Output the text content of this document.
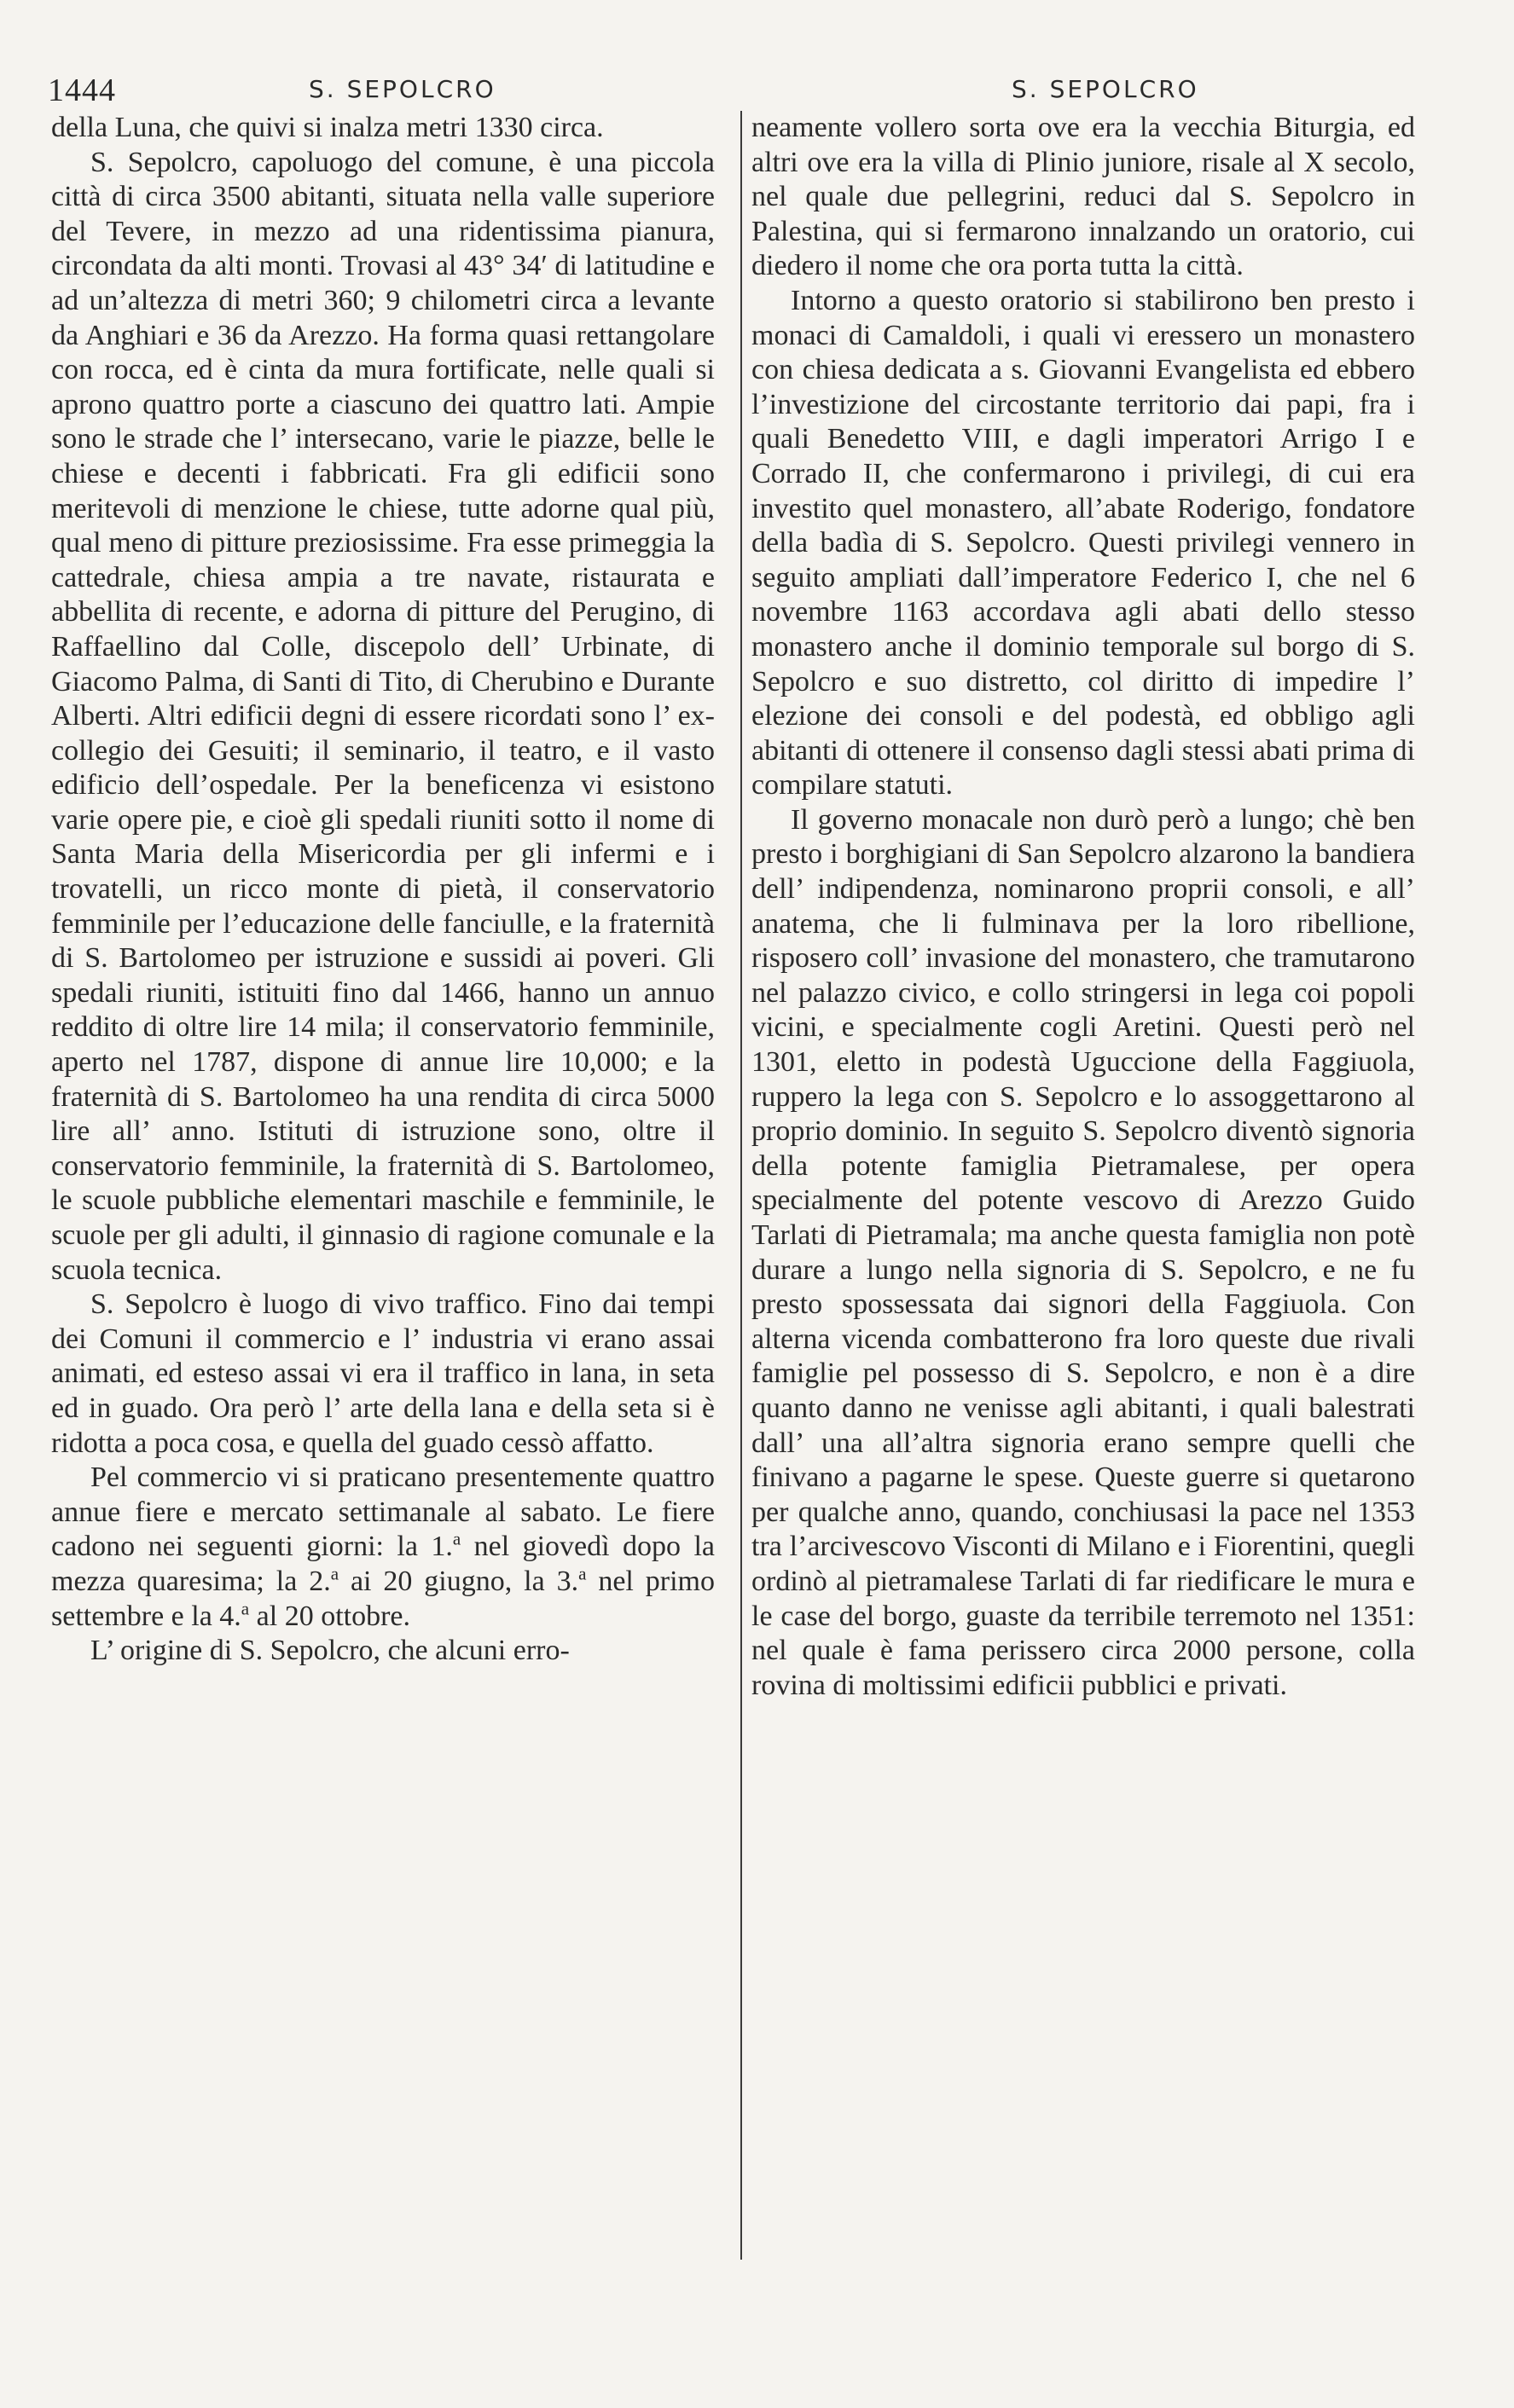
1444	S. SEPOLCRO	S. SEPOLCRO

della Luna, che quivi si inalza metri 1330 circa.

S. Sepolcro, capoluogo del comune, è una piccola città di circa 3500 abitanti, situata nella valle superiore del Tevere, in mezzo ad una ridentissima pianura, circondata da alti monti. Trovasi al 43° 34′ di latitudine e ad un’altezza di metri 360; 9 chilometri circa a levante da Anghiari e 36 da Arezzo. Ha forma quasi rettangolare con rocca, ed è cinta da mura fortificate, nelle quali si aprono quattro porte a ciascuno dei quattro lati. Ampie sono le strade che l’ intersecano, varie le piazze, belle le chiese e decenti i fabbricati. Fra gli edificii sono meritevoli di menzione le chiese, tutte adorne qual più, qual meno di pitture preziosissime. Fra esse primeggia la cattedrale, chiesa ampia a tre navate, ristaurata e abbellita di recente, e adorna di pitture del Perugino, di Raffaellino dal Colle, discepolo dell’ Urbinate, di Giacomo Palma, di Santi di Tito, di Cherubino e Durante Alberti. Altri edificii degni di essere ricordati sono l’ ex-collegio dei Gesuiti; il seminario, il teatro, e il vasto edificio dell’ospedale. Per la beneficenza vi esistono varie opere pie, e cioè gli spedali riuniti sotto il nome di Santa Maria della Misericordia per gli infermi e i trovatelli, un ricco monte di pietà, il conservatorio femminile per l’educazione delle fanciulle, e la fraternità di S. Bartolomeo per istruzione e sussidi ai poveri. Gli spedali riuniti, istituiti fino dal 1466, hanno un annuo reddito di oltre lire 14 mila; il conservatorio femminile, aperto nel 1787, dispone di annue lire 10,000; e la fraternità di S. Bartolomeo ha una rendita di circa 5000 lire all’ anno. Istituti di istruzione sono, oltre il conservatorio femminile, la fraternità di S. Bartolomeo, le scuole pubbliche elementari maschile e femminile, le scuole per gli adulti, il ginnasio di ragione comunale e la scuola tecnica.

S. Sepolcro è luogo di vivo traffico. Fino dai tempi dei Comuni il commercio e l’ industria vi erano assai animati, ed esteso assai vi era il traffico in lana, in seta ed in guado. Ora però l’ arte della lana e della seta si è ridotta a poca cosa, e quella del guado cessò affatto.

Pel commercio vi si praticano presentemente quattro annue fiere e mercato settimanale al sabato. Le fiere cadono nei seguenti giorni: la 1.$^a$ nel giovedì dopo la mezza quaresima; la 2.$^a$ ai 20 giugno, la 3.$^a$ nel primo settembre e la 4.$^a$ al 20 ottobre.

L’ origine di S. Sepolcro, che alcuni erro-

neamente vollero sorta ove era la vecchia Biturgia, ed altri ove era la villa di Plinio juniore, risale al X secolo, nel quale due pellegrini, reduci dal S. Sepolcro in Palestina, qui si fermarono innalzando un oratorio, cui diedero il nome che ora porta tutta la città.

Intorno a questo oratorio si stabilirono ben presto i monaci di Camaldoli, i quali vi eressero un monastero con chiesa dedicata a s. Giovanni Evangelista ed ebbero l’investizione del circostante territorio dai papi, fra i quali Benedetto VIII, e dagli imperatori Arrigo I e Corrado II, che confermarono i privilegi, di cui era investito quel monastero, all’abate Roderigo, fondatore della badìa di S. Sepolcro. Questi privilegi vennero in seguito ampliati dall’imperatore Federico I, che nel 6 novembre 1163 accordava agli abati dello stesso monastero anche il dominio temporale sul borgo di S. Sepolcro e suo distretto, col diritto di impedire l’ elezione dei consoli e del podestà, ed obbligo agli abitanti di ottenere il consenso dagli stessi abati prima di compilare statuti.

Il governo monacale non durò però a lungo; chè ben presto i borghigiani di San Sepolcro alzarono la bandiera dell’ indipendenza, nominarono proprii consoli, e all’ anatema, che li fulminava per la loro ribellione, risposero coll’ invasione del monastero, che tramutarono nel palazzo civico, e collo stringersi in lega coi popoli vicini, e specialmente cogli Aretini. Questi però nel 1301, eletto in podestà Uguccione della Faggiuola, ruppero la lega con S. Sepolcro e lo assoggettarono al proprio dominio. In seguito S. Sepolcro diventò signoria della potente famiglia Pietramalese, per opera specialmente del potente vescovo di Arezzo Guido Tarlati di Pietramala; ma anche questa famiglia non potè durare a lungo nella signoria di S. Sepolcro, e ne fu presto spossessata dai signori della Faggiuola. Con alterna vicenda combatterono fra loro queste due rivali famiglie pel possesso di S. Sepolcro, e non è a dire quanto danno ne venisse agli abitanti, i quali balestrati dall’ una all’altra signoria erano sempre quelli che finivano a pagarne le spese. Queste guerre si quetarono per qualche anno, quando, conchiusasi la pace nel 1353 tra l’arcivescovo Visconti di Milano e i Fiorentini, quegli ordinò al pietramalese Tarlati di far riedificare le mura e le case del borgo, guaste da terribile terremoto nel 1351: nel quale è fama perissero circa 2000 persone, colla rovina di moltissimi edificii pubblici e privati.
